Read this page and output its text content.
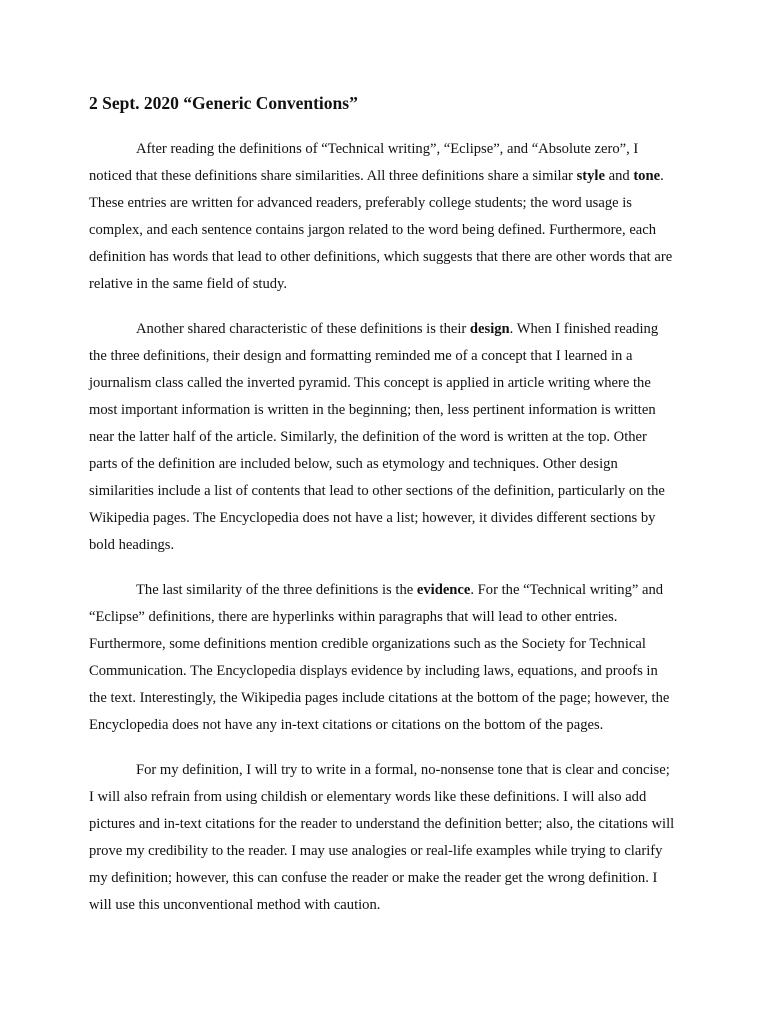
2 Sept. 2020 “Generic Conventions”

After reading the definitions of “Technical writing”, “Eclipse”, and “Absolute zero”, I noticed that these definitions share similarities. All three definitions share a similar style and tone. These entries are written for advanced readers, preferably college students; the word usage is complex, and each sentence contains jargon related to the word being defined. Furthermore, each definition has words that lead to other definitions, which suggests that there are other words that are relative in the same field of study.

Another shared characteristic of these definitions is their design. When I finished reading the three definitions, their design and formatting reminded me of a concept that I learned in a journalism class called the inverted pyramid. This concept is applied in article writing where the most important information is written in the beginning; then, less pertinent information is written near the latter half of the article. Similarly, the definition of the word is written at the top. Other parts of the definition are included below, such as etymology and techniques. Other design similarities include a list of contents that lead to other sections of the definition, particularly on the Wikipedia pages. The Encyclopedia does not have a list; however, it divides different sections by bold headings.

The last similarity of the three definitions is the evidence. For the “Technical writing” and “Eclipse” definitions, there are hyperlinks within paragraphs that will lead to other entries. Furthermore, some definitions mention credible organizations such as the Society for Technical Communication. The Encyclopedia displays evidence by including laws, equations, and proofs in the text. Interestingly, the Wikipedia pages include citations at the bottom of the page; however, the Encyclopedia does not have any in-text citations or citations on the bottom of the pages.

For my definition, I will try to write in a formal, no-nonsense tone that is clear and concise; I will also refrain from using childish or elementary words like these definitions. I will also add pictures and in-text citations for the reader to understand the definition better; also, the citations will prove my credibility to the reader. I may use analogies or real-life examples while trying to clarify my definition; however, this can confuse the reader or make the reader get the wrong definition. I will use this unconventional method with caution.
